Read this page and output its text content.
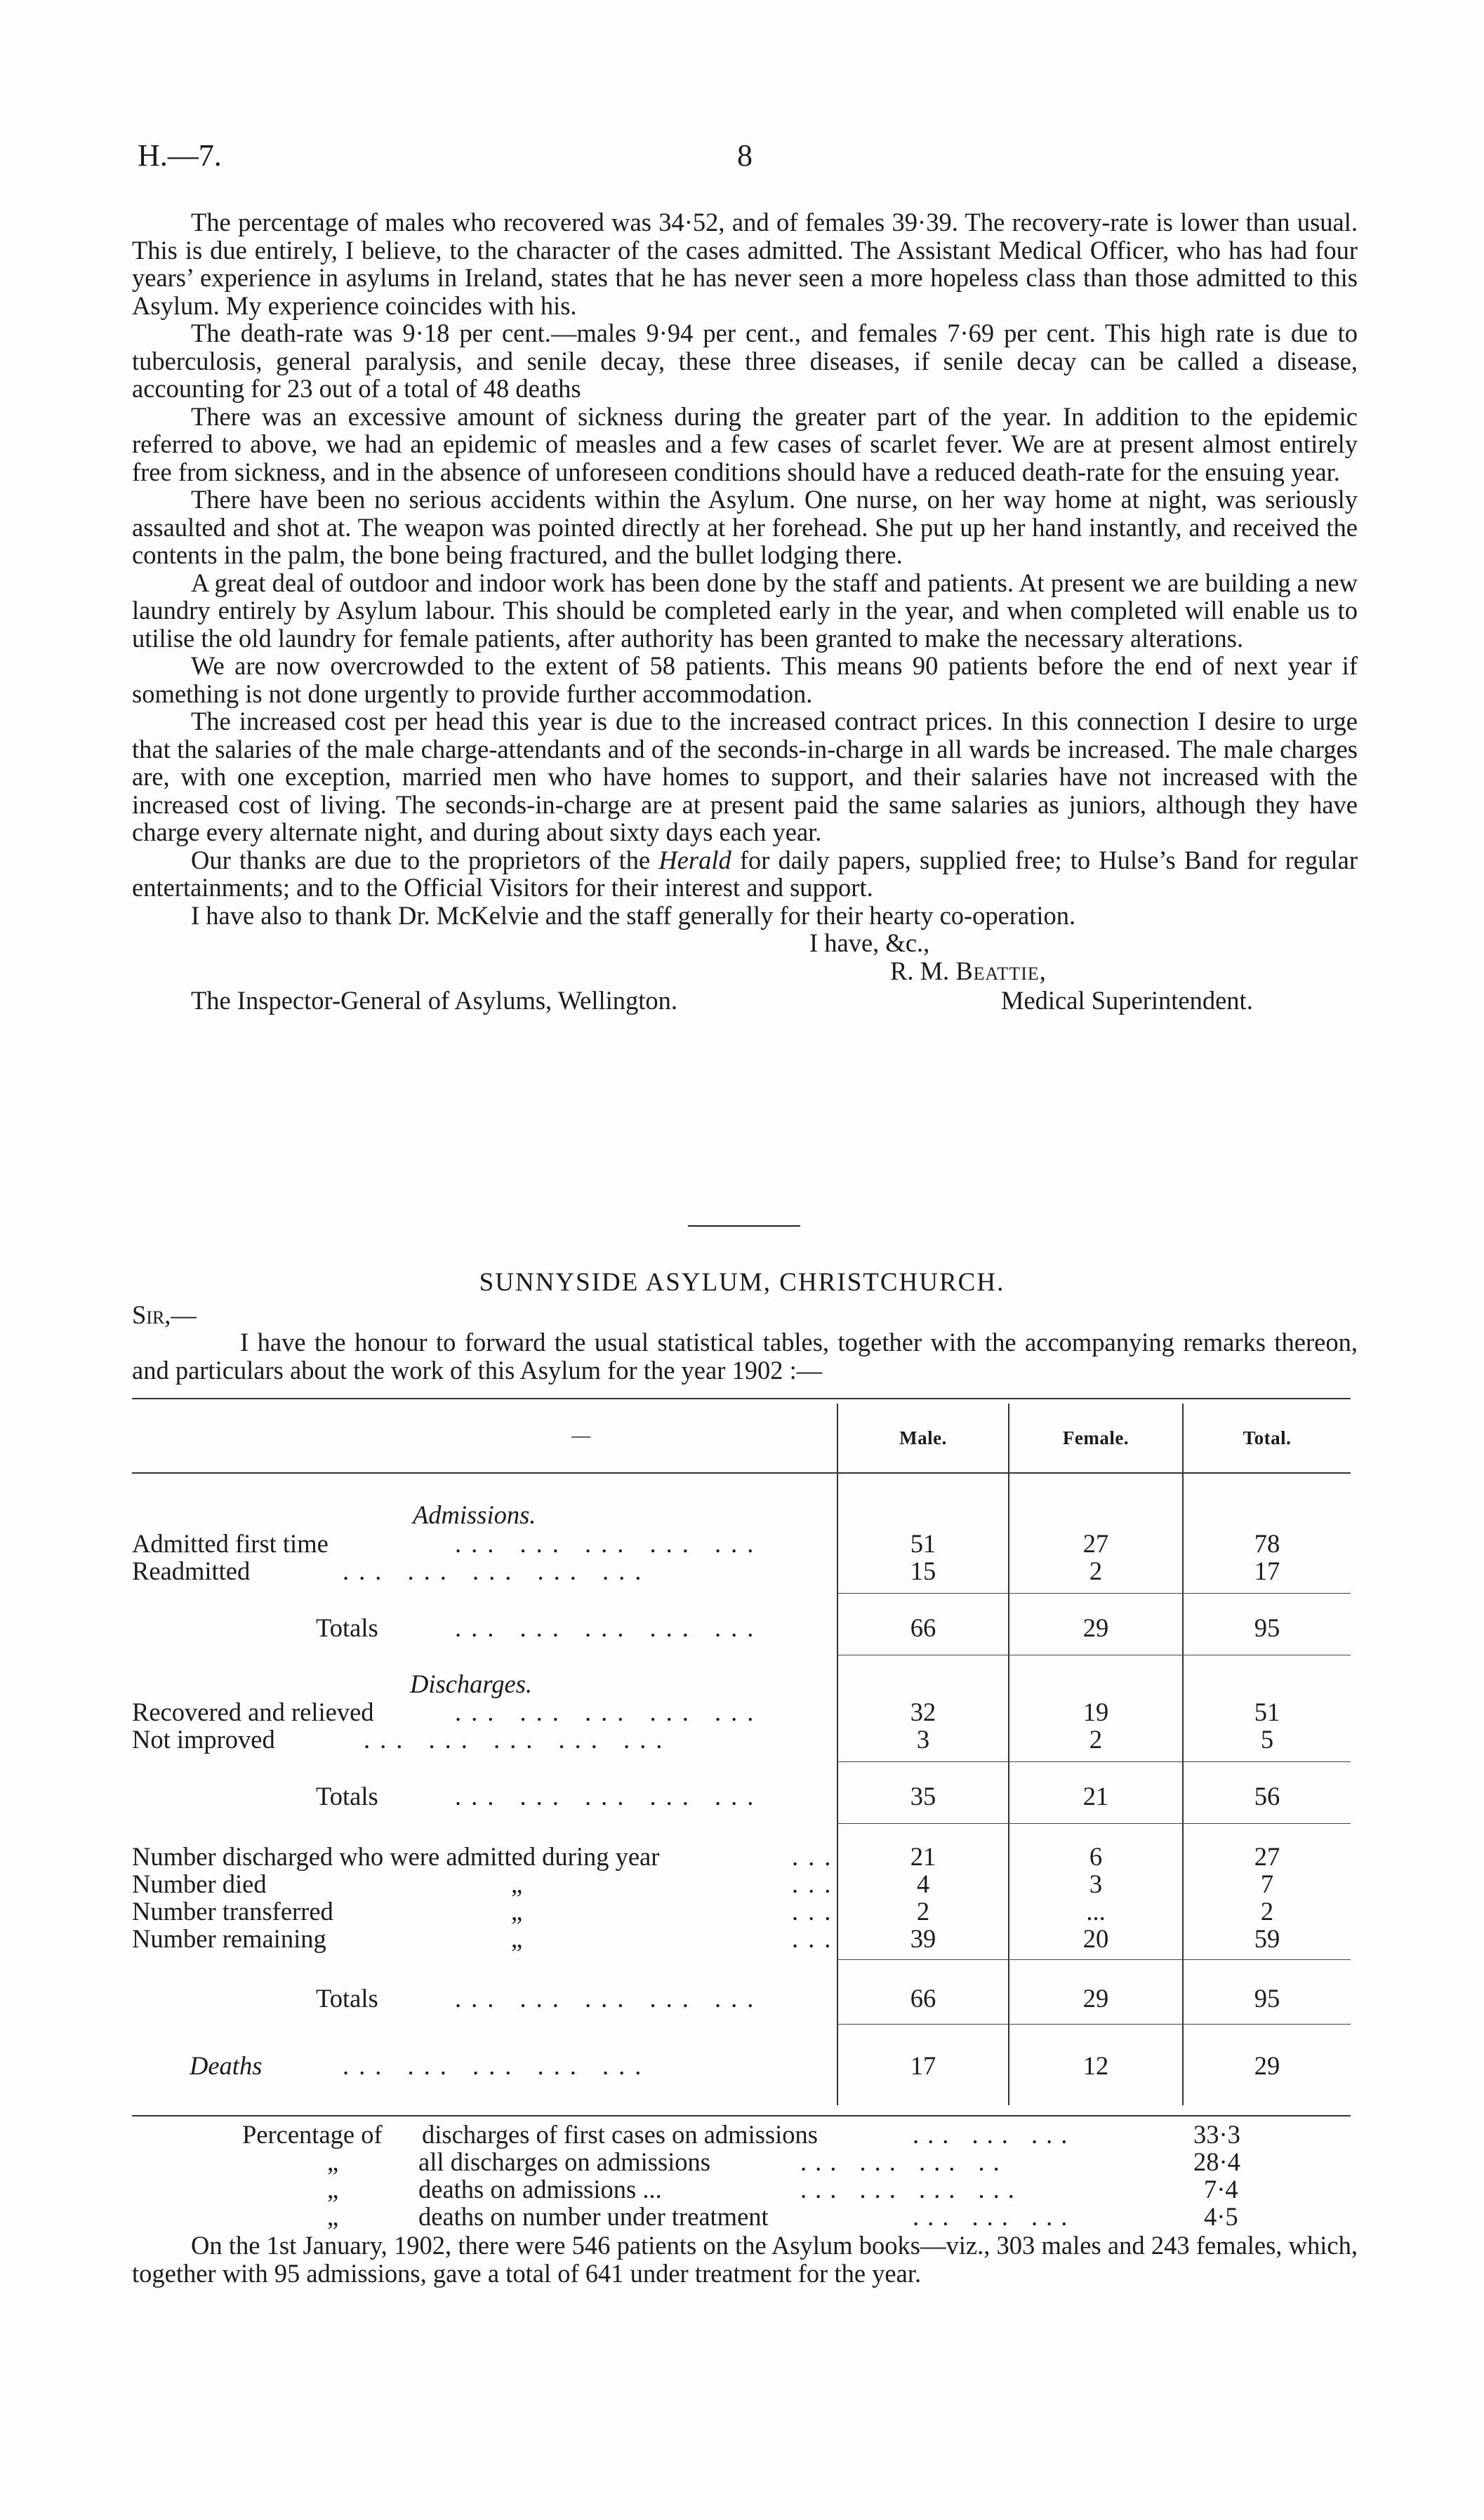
H.—7.	8

The percentage of males who recovered was 34·52, and of females 39·39. The recovery-rate is lower than usual. This is due entirely, I believe, to the character of the cases admitted. The Assistant Medical Officer, who has had four years’ experience in asylums in Ireland, states that he has never seen a more hopeless class than those admitted to this Asylum. My experience coincides with his.

The death-rate was 9·18 per cent.—males 9·94 per cent., and females 7·69 per cent. This high rate is due to tuberculosis, general paralysis, and senile decay, these three diseases, if senile decay can be called a disease, accounting for 23 out of a total of 48 deaths

There was an excessive amount of sickness during the greater part of the year. In addition to the epidemic referred to above, we had an epidemic of measles and a few cases of scarlet fever. We are at present almost entirely free from sickness, and in the absence of unforeseen conditions should have a reduced death-rate for the ensuing year.

There have been no serious accidents within the Asylum. One nurse, on her way home at night, was seriously assaulted and shot at. The weapon was pointed directly at her forehead. She put up her hand instantly, and received the contents in the palm, the bone being fractured, and the bullet lodging there.

A great deal of outdoor and indoor work has been done by the staff and patients. At present we are building a new laundry entirely by Asylum labour. This should be completed early in the year, and when completed will enable us to utilise the old laundry for female patients, after authority has been granted to make the necessary alterations.

We are now overcrowded to the extent of 58 patients. This means 90 patients before the end of next year if something is not done urgently to provide further accommodation.

The increased cost per head this year is due to the increased contract prices. In this connection I desire to urge that the salaries of the male charge-attendants and of the seconds-in-charge in all wards be increased. The male charges are, with one exception, married men who have homes to support, and their salaries have not increased with the increased cost of living. The seconds-in-charge are at present paid the same salaries as juniors, although they have charge every alternate night, and during about sixty days each year.

Our thanks are due to the proprietors of the Herald for daily papers, supplied free; to Hulse’s Band for regular entertainments; and to the Official Visitors for their interest and support.

I have also to thank Dr. McKelvie and the staff generally for their hearty co-operation.

I have, &c.,
R. M. Beattie,
The Inspector-General of Asylums, Wellington.	Medical Superintendent.
SUNNYSIDE ASYLUM, CHRISTCHURCH.
Sir,—

I have the honour to forward the usual statistical tables, together with the accompanying remarks thereon, and particulars about the work of this Asylum for the year 1902 :—

—	Male.	Female.	Total.
Admissions.
Admitted first time	... ... ... ... ...	51	27	78
Readmitted	... ... ... ... ...	15	2	17
Totals	... ... ... ... ...	66	29	95
Discharges.
Recovered and relieved	... ... ... ... ...	32	19	51
Not improved	... ... ... ... ...	3	2	5
Totals	... ... ... ... ...	35	21	56
Number discharged who were admitted during year	...	21	6	27
Number died	„	...	4	3	7
Number transferred	„	...	2	...	2
Number remaining	„	...	39	20	59
Totals	... ... ... ... ...	66	29	95
Deaths	... ... ... ... ...	17	12	29
Percentage of discharges of first cases on admissions	... ... ...	33·3
„	all discharges on admissions	... ... ... ..	28·4
„	deaths on admissions ...	... ... ... ...	7·4
„	deaths on number under treatment	... ... ...	4·5

On the 1st January, 1902, there were 546 patients on the Asylum books—viz., 303 males and 243 females, which, together with 95 admissions, gave a total of 641 under treatment for the year.
